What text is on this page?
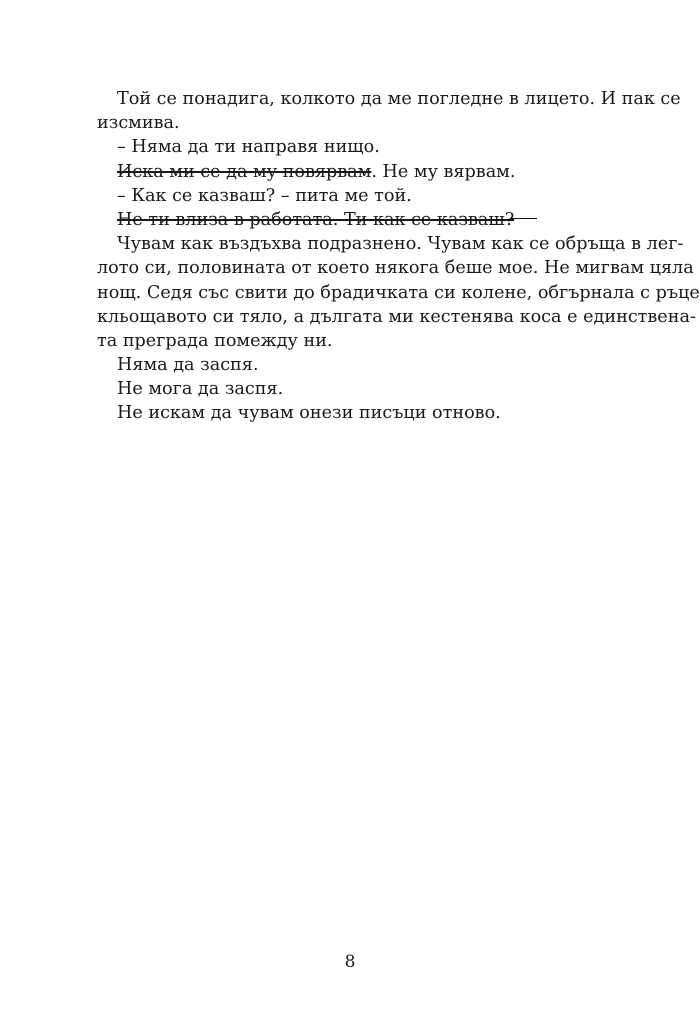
Той се понадига, колкото да ме погледне в лицето. И пак се
изсмива.
– Няма да ти направя нищо.
Иска ми се да му повярвам. Не му вярвам.
– Как се казваш? – пита ме той.
Не ти влиза в работата. Ти как се казваш?
Чувам как въздъхва подразнено. Чувам как се обръща в лег-
лото си, половината от което някога беше мое. Не мигвам цяла
нощ. Седя със свити до брадичката си колене, обгърнала с ръце
кльощавото си тяло, а дългата ми кестенява коса е единствена-
та преграда помежду ни.
Няма да заспя.
Не мога да заспя.
Не искам да чувам онези писъци отново.
8
